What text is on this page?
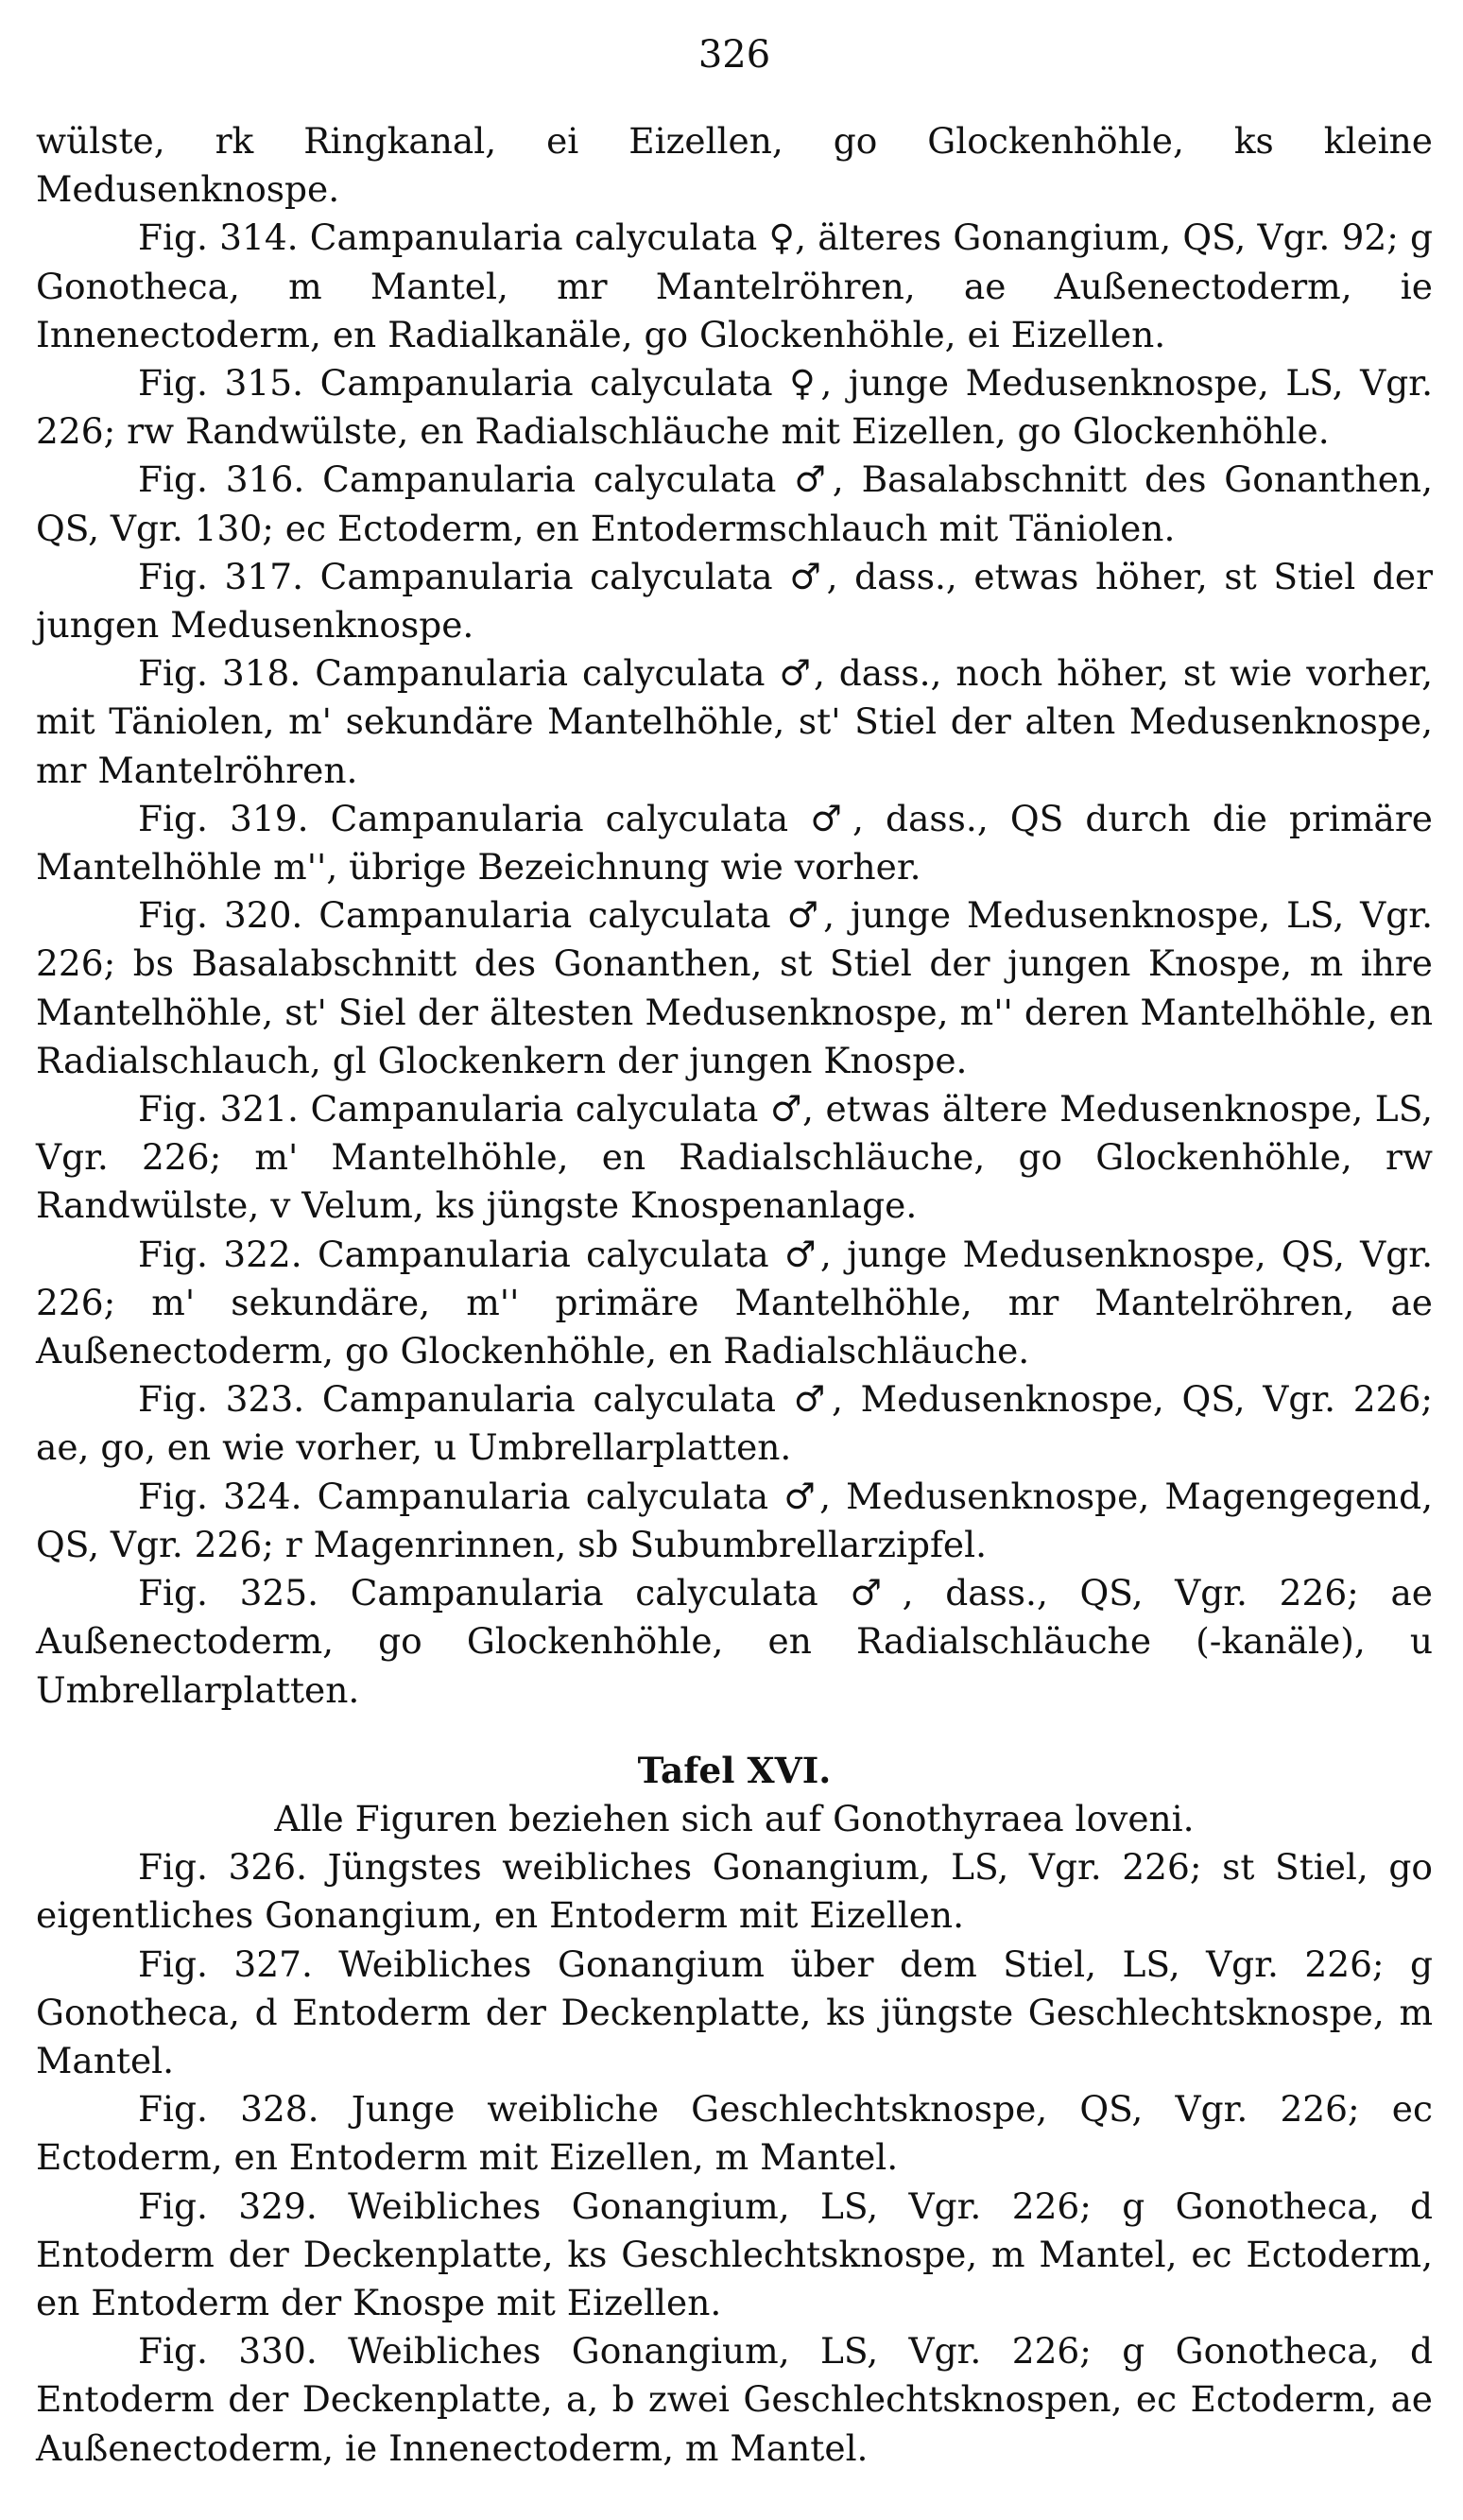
326

wülste, rk Ringkanal, ei Eizellen, go Glockenhöhle, ks kleine Medusenknospe.

Fig. 314. Campanularia calyculata ♀, älteres Gonangium, QS, Vgr. 92; g Gonotheca, m Mantel, mr Mantelröhren, ae Außenectoderm, ie Innenectoderm, en Radialkanäle, go Glockenhöhle, ei Eizellen.

Fig. 315. Campanularia calyculata ♀, junge Medusenknospe, LS, Vgr. 226; rw Randwülste, en Radialschläuche mit Eizellen, go Glockenhöhle.

Fig. 316. Campanularia calyculata ♂, Basalabschnitt des Gonanthen, QS, Vgr. 130; ec Ectoderm, en Entodermschlauch mit Täniolen.

Fig. 317. Campanularia calyculata ♂, dass., etwas höher, st Stiel der jungen Medusenknospe.

Fig. 318. Campanularia calyculata ♂, dass., noch höher, st wie vorher, mit Täniolen, m' sekundäre Mantelhöhle, st' Stiel der alten Medusenknospe, mr Mantelröhren.

Fig. 319. Campanularia calyculata ♂, dass., QS durch die primäre Mantelhöhle m'', übrige Bezeichnung wie vorher.

Fig. 320. Campanularia calyculata ♂, junge Medusenknospe, LS, Vgr. 226; bs Basalabschnitt des Gonanthen, st Stiel der jungen Knospe, m ihre Mantelhöhle, st' Siel der ältesten Medusenknospe, m'' deren Mantelhöhle, en Radialschlauch, gl Glockenkern der jungen Knospe.

Fig. 321. Campanularia calyculata ♂, etwas ältere Medusenknospe, LS, Vgr. 226; m' Mantelhöhle, en Radialschläuche, go Glockenhöhle, rw Randwülste, v Velum, ks jüngste Knospenanlage.

Fig. 322. Campanularia calyculata ♂, junge Medusenknospe, QS, Vgr. 226; m' sekundäre, m'' primäre Mantelhöhle, mr Mantelröhren, ae Außenectoderm, go Glockenhöhle, en Radialschläuche.

Fig. 323. Campanularia calyculata ♂, Medusenknospe, QS, Vgr. 226; ae, go, en wie vorher, u Umbrellarplatten.

Fig. 324. Campanularia calyculata ♂, Medusenknospe, Magengegend, QS, Vgr. 226; r Magenrinnen, sb Subumbrellarzipfel.

Fig. 325. Campanularia calyculata ♂, dass., QS, Vgr. 226; ae Außenectoderm, go Glockenhöhle, en Radialschläuche (-kanäle), u Umbrellarplatten.

Tafel XVI.

Alle Figuren beziehen sich auf Gonothyraea loveni.

Fig. 326. Jüngstes weibliches Gonangium, LS, Vgr. 226; st Stiel, go eigentliches Gonangium, en Entoderm mit Eizellen.

Fig. 327. Weibliches Gonangium über dem Stiel, LS, Vgr. 226; g Gonotheca, d Entoderm der Deckenplatte, ks jüngste Geschlechtsknospe, m Mantel.

Fig. 328. Junge weibliche Geschlechtsknospe, QS, Vgr. 226; ec Ectoderm, en Entoderm mit Eizellen, m Mantel.

Fig. 329. Weibliches Gonangium, LS, Vgr. 226; g Gonotheca, d Entoderm der Deckenplatte, ks Geschlechtsknospe, m Mantel, ec Ectoderm, en Entoderm der Knospe mit Eizellen.

Fig. 330. Weibliches Gonangium, LS, Vgr. 226; g Gonotheca, d Entoderm der Deckenplatte, a, b zwei Geschlechtsknospen, ec Ectoderm, ae Außenectoderm, ie Innenectoderm, m Mantel.
